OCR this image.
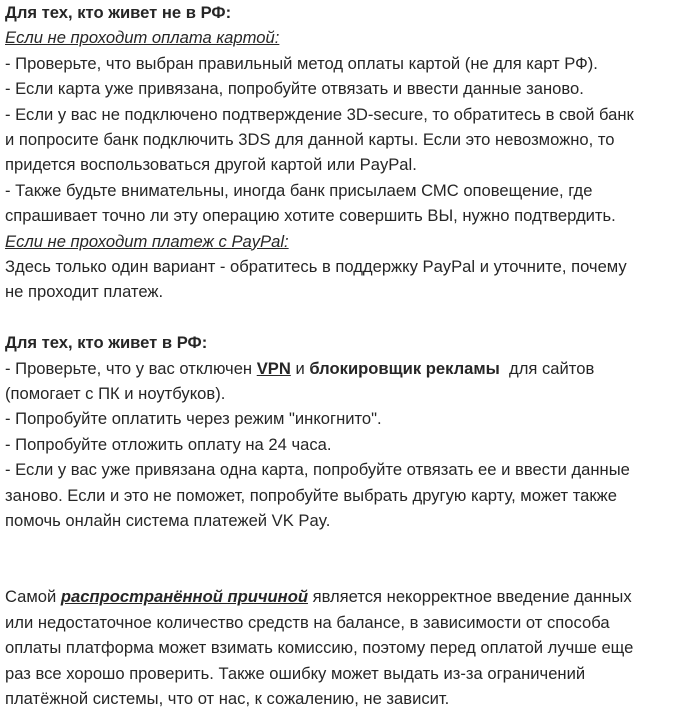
Для тех, кто живет не в РФ:
Если не проходит оплата картой:
- Проверьте, что выбран правильный метод оплаты картой (не для карт РФ).
- Если карта уже привязана, попробуйте отвязать и ввести данные заново.
- Если у вас не подключено подтверждение 3D-secure, то обратитесь в свой банк
и попросите банк подключить 3DS для данной карты. Если это невозможно, то
придется воспользоваться другой картой или PayPal.
- Также будьте внимательны, иногда банк присылаем СМС оповещение, где
спрашивает точно ли эту операцию хотите совершить ВЫ, нужно подтвердить.
Если не проходит платеж с PayPal:
Здесь только один вариант - обратитесь в поддержку PayPal и уточните, почему
не проходит платеж.
Для тех, кто живет в РФ:
- Проверьте, что у вас отключен VPN и блокировщик рекламы  для сайтов
(помогает с ПК и ноутбуков).
- Попробуйте оплатить через режим "инкогнито".
- Попробуйте отложить оплату на 24 часа.
- Если у вас уже привязана одна карта, попробуйте отвязать ее и ввести данные
заново. Если и это не поможет, попробуйте выбрать другую карту, может также
помочь онлайн система платежей VK Pay.
Самой распространённой причиной является некорректное введение данных
или недостаточное количество средств на балансе, в зависимости от способа
оплаты платформа может взимать комиссию, поэтому перед оплатой лучше еще
раз все хорошо проверить. Также ошибку может выдать из-за ограничений
платёжной системы, что от нас, к сожалению, не зависит.
